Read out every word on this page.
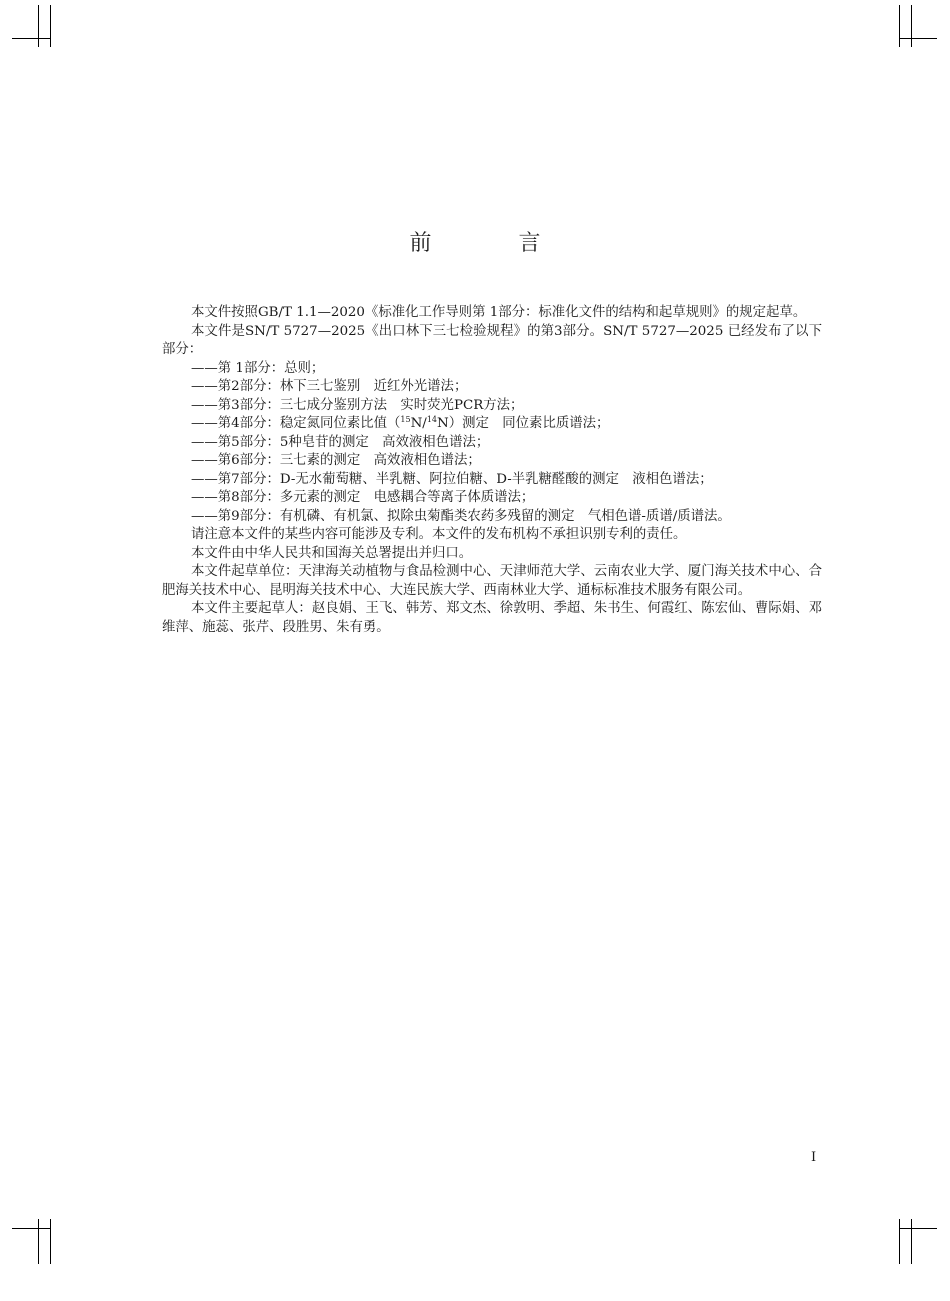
前 言

本文件按照GB/T 1.1—2020《标准化工作导则第 1部分：标准化文件的结构和起草规则》的规定起草。

本文件是SN/T 5727—2025《出口林下三七检验规程》的第3部分。SN/T 5727—2025 已经发布了以下部分：

——第 1部分：总则；
——第2部分：林下三七鉴别　近红外光谱法；
——第3部分：三七成分鉴别方法　实时荧光PCR方法；
——第4部分：稳定氮同位素比值（$^{15}$N/$^{14}$N）测定　同位素比质谱法；
——第5部分：5种皂苷的测定　高效液相色谱法；
——第6部分：三七素的测定　高效液相色谱法；
——第7部分：D-无水葡萄糖、半乳糖、阿拉伯糖、D-半乳糖醛酸的测定　液相色谱法；
——第8部分：多元素的测定　电感耦合等离子体质谱法；
——第9部分：有机磷、有机氯、拟除虫菊酯类农药多残留的测定　气相色谱-质谱/质谱法。

请注意本文件的某些内容可能涉及专利。本文件的发布机构不承担识别专利的责任。

本文件由中华人民共和国海关总署提出并归口。

本文件起草单位：天津海关动植物与食品检测中心、天津师范大学、云南农业大学、厦门海关技术中心、合肥海关技术中心、昆明海关技术中心、大连民族大学、西南林业大学、通标标准技术服务有限公司。

本文件主要起草人：赵良娟、王飞、韩芳、郑文杰、徐敦明、季超、朱书生、何霞红、陈宏仙、曹际娟、邓维萍、施蕊、张芹、段胜男、朱有勇。

I
